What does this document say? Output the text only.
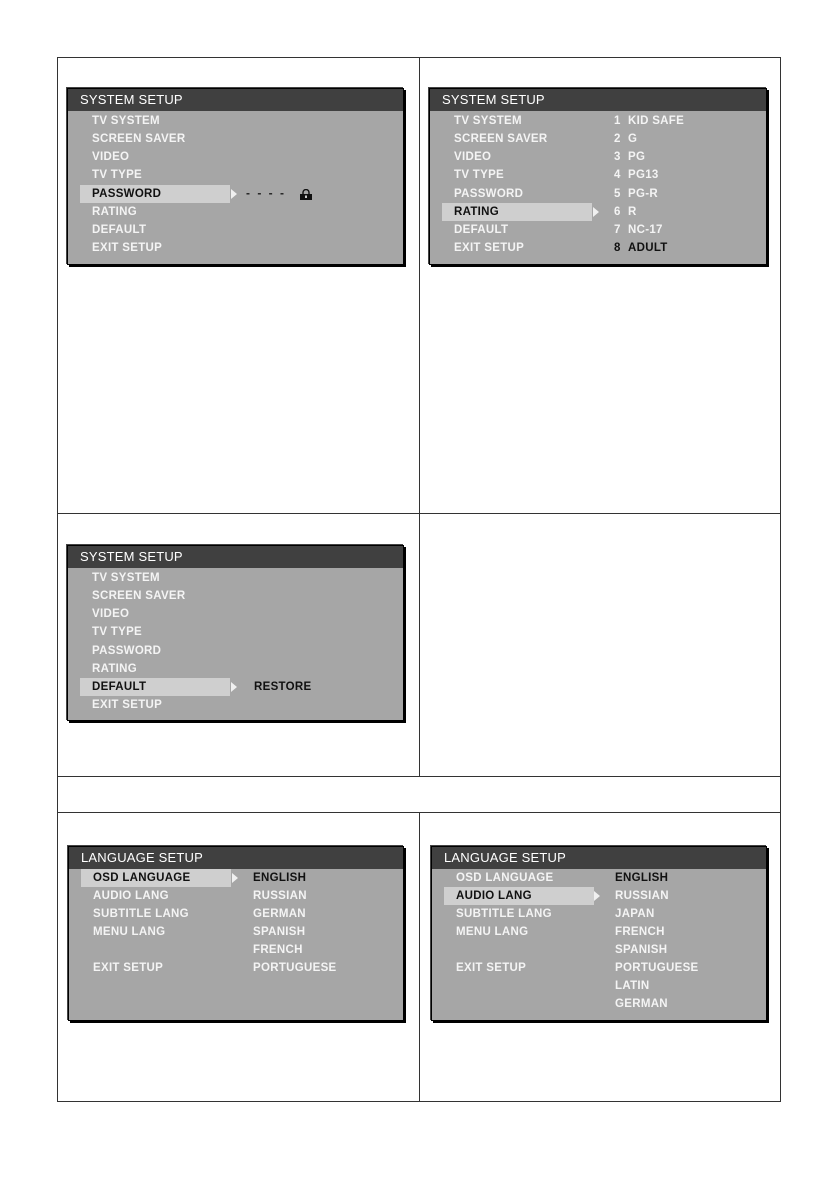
SYSTEM SETUP
TV SYSTEM
SCREEN SAVER
VIDEO
TV TYPE
PASSWORD
RATING
DEFAULT
EXIT SETUP
- - - -
SYSTEM SETUP
TV SYSTEM
SCREEN SAVER
VIDEO
TV TYPE
PASSWORD
RATING
DEFAULT
EXIT SETUP
1 KID SAFE
2 G
3 PG
4 PG13
5 PG-R
6 R
7 NC-17
8 ADULT
SYSTEM SETUP
TV SYSTEM
SCREEN SAVER
VIDEO
TV TYPE
PASSWORD
RATING
DEFAULT
EXIT SETUP
RESTORE
LANGUAGE SETUP
OSD LANGUAGE
AUDIO LANG
SUBTITLE LANG
MENU LANG
EXIT SETUP
ENGLISH
RUSSIAN
GERMAN
SPANISH
FRENCH
PORTUGUESE
LANGUAGE SETUP
OSD LANGUAGE
AUDIO LANG
SUBTITLE LANG
MENU LANG
EXIT SETUP
ENGLISH
RUSSIAN
JAPAN
FRENCH
SPANISH
PORTUGUESE
LATIN
GERMAN
